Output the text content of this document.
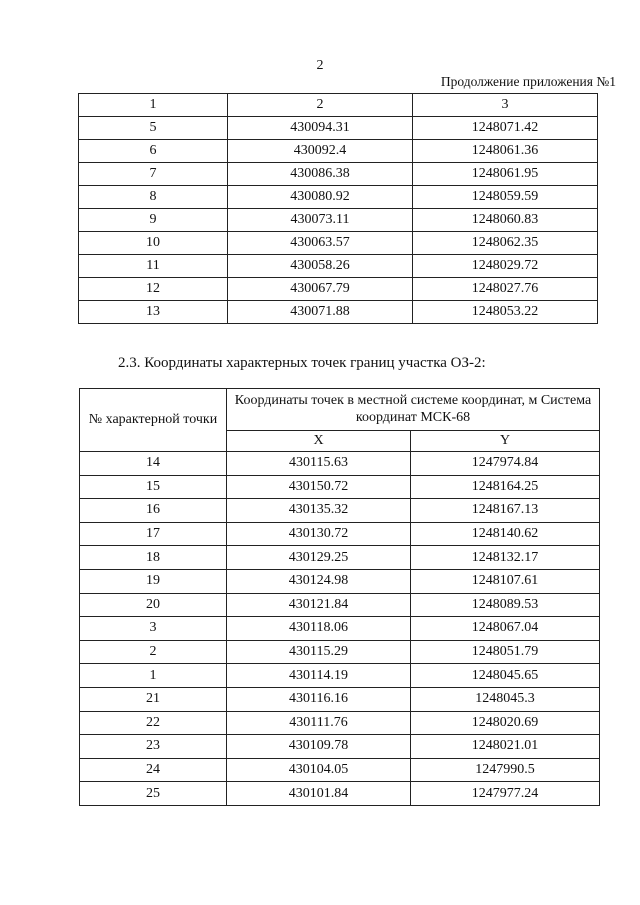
2
Продолжение приложения №1
1	2	3
5	430094.31	1248071.42
6	430092.4	1248061.36
7	430086.38	1248061.95
8	430080.92	1248059.59
9	430073.11	1248060.83
10	430063.57	1248062.35
11	430058.26	1248029.72
12	430067.79	1248027.76
13	430071.88	1248053.22
2.3. Координаты характерных точек границ участка ОЗ-2:
№ характерной точки	Координаты точек в местной системе координат, м Система координат МСК-68	
	X	Y
14	430115.63	1247974.84
15	430150.72	1248164.25
16	430135.32	1248167.13
17	430130.72	1248140.62
18	430129.25	1248132.17
19	430124.98	1248107.61
20	430121.84	1248089.53
3	430118.06	1248067.04
2	430115.29	1248051.79
1	430114.19	1248045.65
21	430116.16	1248045.3
22	430111.76	1248020.69
23	430109.78	1248021.01
24	430104.05	1247990.5
25	430101.84	1247977.24
